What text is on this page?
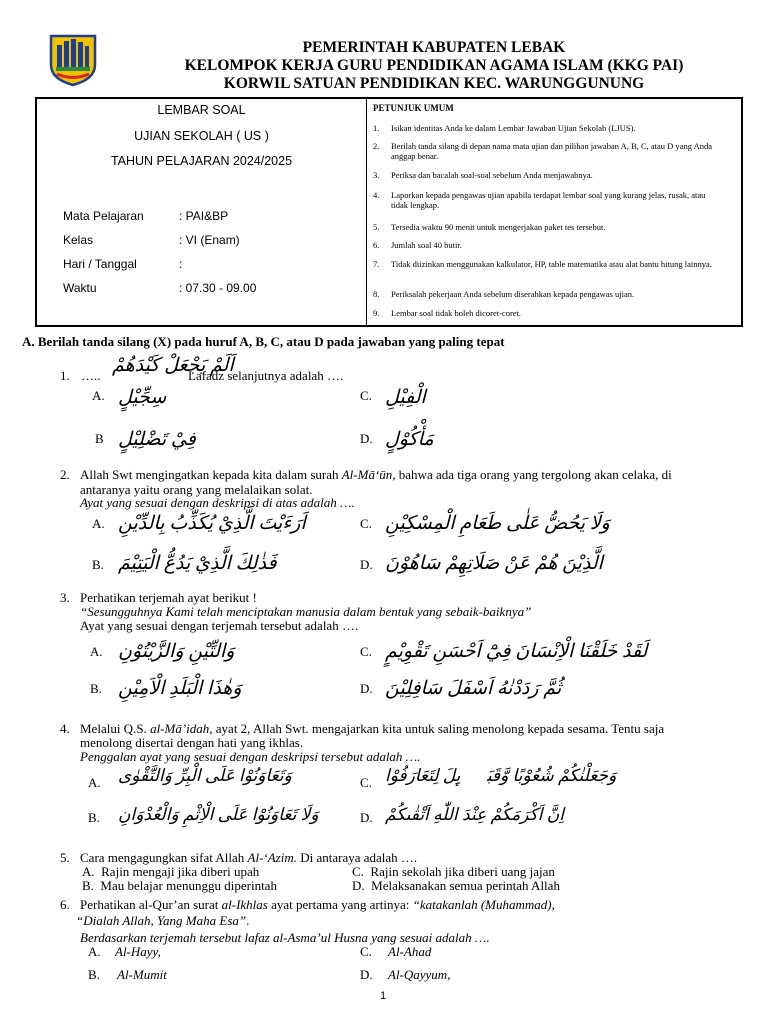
PEMERINTAH KABUPATEN LEBAK
KELOMPOK KERJA GURU PENDIDIKAN AGAMA ISLAM (KKG PAI)
KORWIL SATUAN PENDIDIKAN KEC. WARUNGGUNUNG
LEMBAR SOAL
UJIAN SEKOLAH ( US )
TAHUN PELAJARAN 2024/2025
Mata Pelajaran	: PAI&BP
Kelas	: VI (Enam)
Hari / Tanggal	:
Waktu	: 07.30 - 09.00
PETUNJUK UMUM
1. Isikan identitas Anda ke dalam Lembar Jawaban Ujian Sekolah (LJUS).
2. Berilah tanda silang di depan nama mata ujian dan pilihan jawaban A, B, C, atau D yang Anda anggap benar.
3. Periksa dan bacalah soal-soal sebelum Anda menjawabnya.
4. Laporkan kepada pengawas ujian apabila terdapat lembar soal yang kurang jelas, rusak, atau tidak lengkap.
5. Tersedia waktu 90 menit untuk mengerjakan paket tes tersebut.
6. Jumlah soal 40 butir.
7. Tidak diizinkan menggunakan kalkulator, HP, table matematika atau alat bantu hitung lainnya.
8. Periksalah pekerjaan Anda sebelum diserahkan kepada pengawas ujian.
9. Lembar soal tidak boleh dicoret-coret.
A. Berilah tanda silang (X) pada huruf A, B, C, atau D pada jawaban yang paling tepat
1. ….. اَلَمْ يَجْعَلْ كَيْدَهُمْ
Lafadz selanjutnya adalah ….
A. سِجِّيْلٍ	C. الْفِيْلِ
B فِيْ تَضْلِيْلٍ	D. مَأْكُوْلٍ
2. Allah Swt mengingatkan kepada kita dalam surah Al-Mā‘ūn, bahwa ada tiga orang yang tergolong akan celaka, di
antaranya yaitu orang yang melalaikan solat.
Ayat yang sesuai dengan deskripsi di atas adalah ….
A. اَرَءَيْتَ الَّذِيْ يُكَذِّبُ بِالدِّيْنِ	C. وَلَا يَحُضُّ عَلٰى طَعَامِ الْمِسْكِيْنِ
B. فَذٰلِكَ الَّذِيْ يَدُعُّ الْيَتِيْمَ	D. الَّذِيْنَ هُمْ عَنْ صَلَاتِهِمْ سَاهُوْنَ
3. Perhatikan terjemah ayat berikut !
“Sesungguhnya Kami telah menciptakan manusia dalam bentuk yang sebaik-baiknya”
Ayat yang sesuai dengan terjemah tersebut adalah ….
A. وَالتِّيْنِ وَالزَّيْتُوْنِ	C. لَقَدْ خَلَقْنَا الْاِنْسَانَ فِيْٓ اَحْسَنِ تَقْوِيْمٍ
B. وَهٰذَا الْبَلَدِ الْاَمِيْنِ	D. ثُمَّ رَدَدْنٰهُ اَسْفَلَ سَافِلِيْنَ
4. Melalui Q.S. al-Mā’idah, ayat 2, Allah Swt. mengajarkan kita untuk saling menolong kepada sesama. Tentu saja
menolong disertai dengan hati yang ikhlas.
Penggalan ayat yang sesuai dengan deskripsi tersebut adalah ….
A. وَتَعَاوَنُوْا عَلَى الْبِرِّ وَالتَّقْوٰى	C. وَجَعَلْنٰكُمْ شُعُوْبًا وَّقَبَاۤىِٕلَ لِتَعَارَفُوْا
B. وَلَا تَعَاوَنُوْا عَلَى الْاِثْمِ وَالْعُدْوَانِ	D. اِنَّ اَكْرَمَكُمْ عِنْدَ اللّٰهِ اَتْقٰىكُمْ
5. Cara mengagungkan sifat Allah Al-‘Azim. Di antaraya adalah ….
A. Rajin mengaji jika diberi upah	C. Rajin sekolah jika diberi uang jajan
B. Mau belajar menunggu diperintah	D. Melaksanakan semua perintah Allah
6. Perhatikan al-Qur’an surat al-Ikhlas ayat pertama yang artinya: “katakanlah (Muhammad),
“Dialah Allah, Yang Maha Esa”.
Berdasarkan terjemah tersebut lafaz al-Asma’ul Husna yang sesuai adalah ….
A. Al-Hayy,	C. Al-Ahad
B. Al-Mumit	D. Al-Qayyum,
1
